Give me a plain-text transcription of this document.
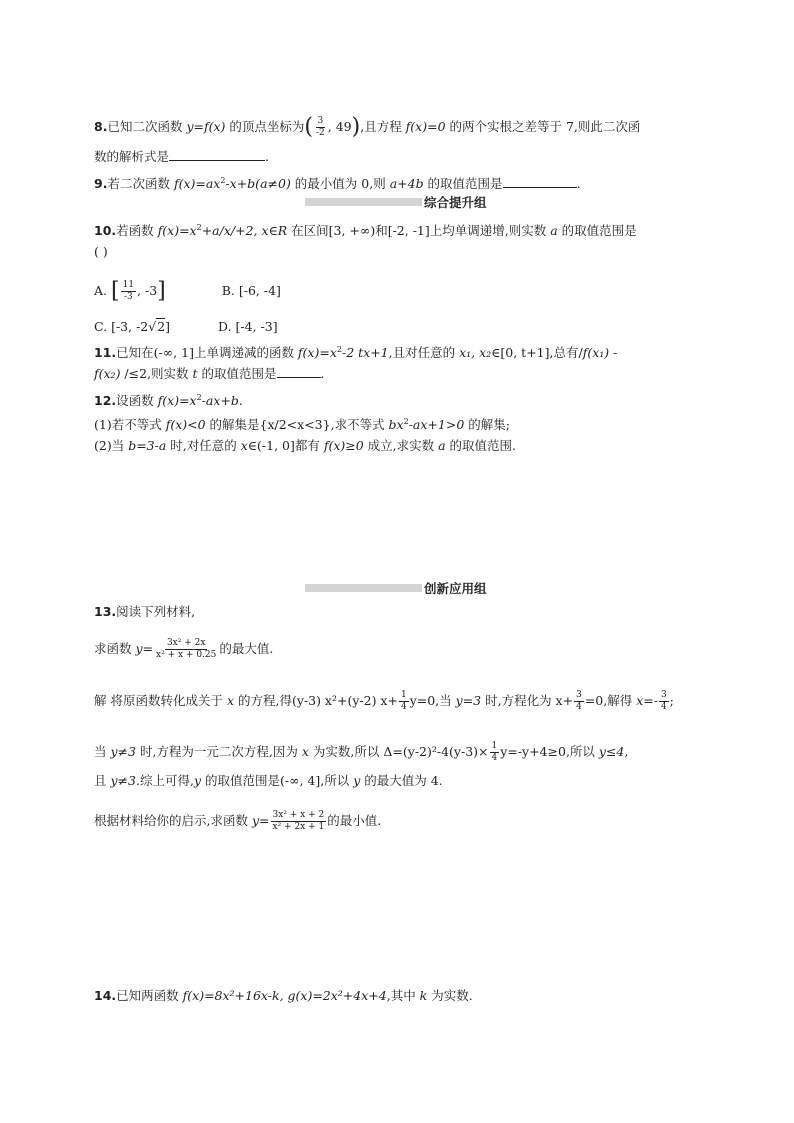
8.已知二次函数 y=f(x) 的顶点坐标为( $\frac{3}{-2}$ , 49),且方程 f(x)=0 的两个实根之差等于 7,则此二次函
数的解析式是	.
9.若二次函数 $f(x)=ax^2-x+b(a\ne 0)$ 的最小值为 0,则 a+4b 的取值范围是	.
综合提升组
10.若函数 $f(x)=x^2+a/x/+2$, x∈R 在区间[3, +∞)和[-2, -1]上均单调递增,则实数 a 的取值范围是
( )
A. [ $\frac{11}{-3}$ , -3]	B. [-6, -4]
C. [-3, -2√2]	D. [-4, -3]
11.已知在(-∞, 1]上单调递减的函数 $f(x)=x^2-2$ tx+1,且对任意的 x₁, x₂∈[0, t+1],总有/f(x₁) -
f(x₂) /≤2,则实数 t 的取值范围是	.
12.设函数 $f(x)=x^2-ax+b$.
(1)若不等式 f(x)<0 的解集是{x/2<x<3},求不等式 $bx^2-ax+1>0$ 的解集;
(2)当 b=3-a 时,对任意的 x∈(-1, 0]都有 f(x)≥0 成立,求实数 a 的取值范围.
创新应用组
13.阅读下列材料,
求函数 $y= \frac{\text{3x² + 2x}}{\text{x² + x + 0.25}}$ 的最大值.
解 将原函数转化成关于 x 的方程,得(y-3) x²+(y-2) $x+ \frac{1}{4} y=0$,当 y=3 时,方程化为 $x+ \frac{3}{4} =0$,解得 $x=- \frac{3}{4}$ ;
当 y≠3 时,方程为一元二次方程,因为 x 为实数,所以 $\Delta=(y-2)^2-4(y-3)\times \frac{1}{4} y=-y+4\ge 0$,所以 y≤4,
且 y≠3.综上可得,y 的取值范围是(-∞, 4],所以 y 的最大值为 4.
根据材料给你的启示,求函数 $y= \frac{\text{3x² + x + 2}}{\text{x² + 2x + 1}}$ 的最小值.
14.已知两函数 f(x)=8x²+16x-k, g(x)=2x²+4x+4,其中 k 为实数.
